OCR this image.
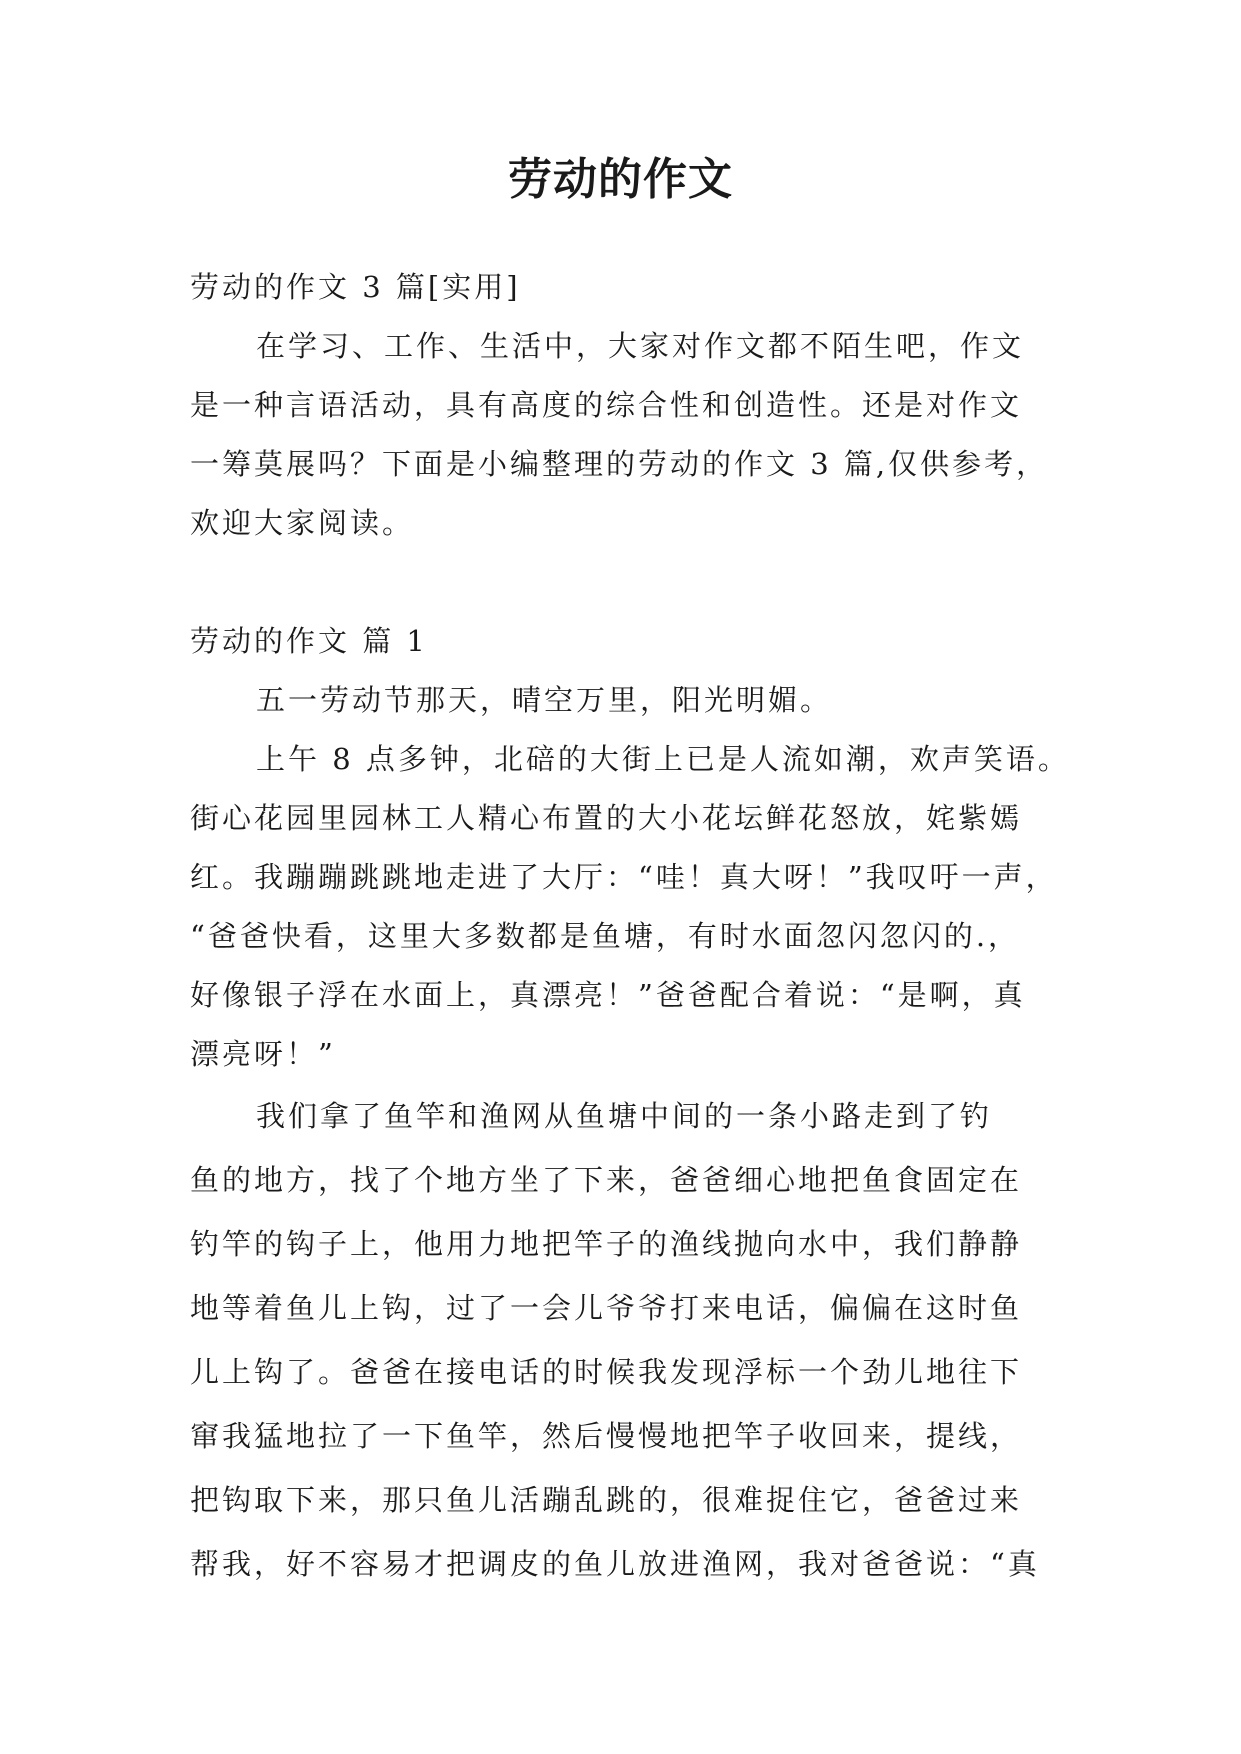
劳动的作文
劳动的作文 3 篇[实用]
在学习、工作、生活中，大家对作文都不陌生吧，作文
是一种言语活动，具有高度的综合性和创造性。还是对作文
一筹莫展吗？下面是小编整理的劳动的作文 3 篇,仅供参考，
欢迎大家阅读。
劳动的作文 篇 1
五一劳动节那天，晴空万里，阳光明媚。
上午 8 点多钟，北碚的大街上已是人流如潮，欢声笑语。
街心花园里园林工人精心布置的大小花坛鲜花怒放，姹紫嫣
红。我蹦蹦跳跳地走进了大厅：“哇！真大呀！”我叹吁一声，
“爸爸快看，这里大多数都是鱼塘，有时水面忽闪忽闪的.，
好像银子浮在水面上，真漂亮！”爸爸配合着说：“是啊，真
漂亮呀！”
我们拿了鱼竿和渔网从鱼塘中间的一条小路走到了钓
鱼的地方，找了个地方坐了下来，爸爸细心地把鱼食固定在
钓竿的钩子上，他用力地把竿子的渔线抛向水中，我们静静
地等着鱼儿上钩，过了一会儿爷爷打来电话，偏偏在这时鱼
儿上钩了。爸爸在接电话的时候我发现浮标一个劲儿地往下
窜我猛地拉了一下鱼竿，然后慢慢地把竿子收回来，提线，
把钩取下来，那只鱼儿活蹦乱跳的，很难捉住它，爸爸过来
帮我，好不容易才把调皮的鱼儿放进渔网，我对爸爸说：“真
